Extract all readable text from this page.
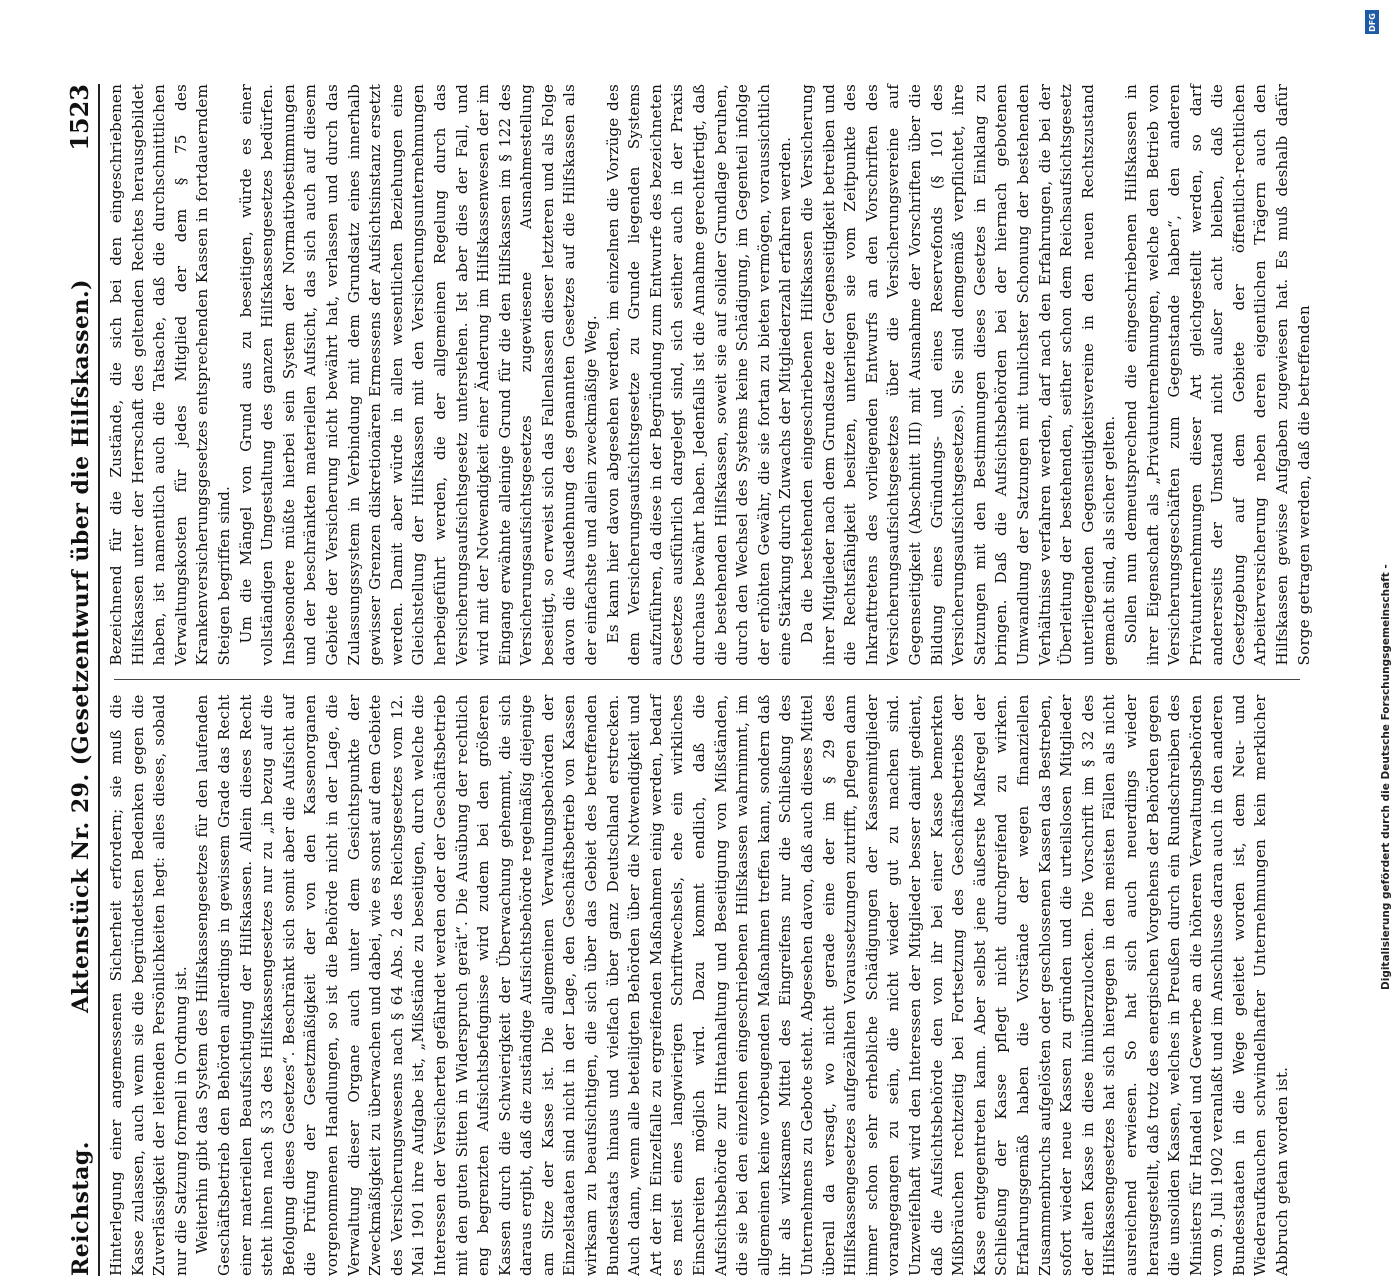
Reichstag.
Aktenstück Nr. 29. (Gesetzentwurf über die Hilfskassen.)
1523

Hinterlegung einer angemessenen Sicherheit erfordern; sie muß die Kasse zulassen, auch wenn sie die begründetsten Bedenken gegen die Zuverlässigkeit der leitenden Persönlichkeiten hegt: alles dieses, sobald nur die Satzung formell in Ordnung ist. Weiterhin gibt das System des Hilfskassengesetzes für den laufenden Geschäftsbetrieb den Behörden allerdings in gewissem Grade das Recht einer materiellen Beaufsichtigung der Hilfskassen. Allein dieses Recht steht ihnen nach § 33 des Hilfskassengesetzes nur zu „in bezug auf die Befolgung dieses Gesetzes“. Beschränkt sich somit aber die Aufsicht auf die Prüfung der Gesetzmäßigkeit der von den Kassenorganen vorgenommenen Handlungen, so ist die Behörde nicht in der Lage, die Verwaltung dieser Organe auch unter dem Gesichtspunkte der Zweckmäßigkeit zu überwachen und dabei, wie es sonst auf dem Gebiete des Versicherungswesens nach § 64 Abs. 2 des Reichsgesetzes vom 12. Mai 1901 ihre Aufgabe ist, „Mißstände zu beseitigen, durch welche die Interessen der Versicherten gefährdet werden oder der Geschäftsbetrieb mit den guten Sitten in Widerspruch gerät“. Die Ausübung der rechtlich eng begrenzten Aufsichtsbefugnisse wird zudem bei den größeren Kassen durch die Schwierigkeit der Überwachung gehemmt, die sich daraus ergibt, daß die zuständige Aufsichtsbehörde regelmäßig diejenige am Sitze der Kasse ist. Die allgemeinen Verwaltungsbehörden der Einzelstaaten sind nicht in der Lage, den Geschäftsbetrieb von Kassen wirksam zu beaufsichtigen, die sich über das Gebiet des betreffenden Bundesstaats hinaus und vielfach über ganz Deutschland erstrecken. Auch dann, wenn alle beteiligten Behörden über die Notwendigkeit und Art der im Einzelfalle zu ergreifenden Maßnahmen einig werden, bedarf es meist eines langwierigen Schriftwechsels, ehe ein wirkliches Einschreiten möglich wird. Dazu kommt endlich, daß die Aufsichtsbehörde zur Hintanhaltung und Beseitigung von Mißständen, die sie bei den einzelnen eingeschriebenen Hilfskassen wahrnimmt, im allgemeinen keine vorbeugenden Maßnahmen treffen kann, sondern daß ihr als wirksames Mittel des Eingreifens nur die Schließung des Unternehmens zu Gebote steht. Abgesehen davon, daß auch dieses Mittel überall da versagt, wo nicht gerade eine der im § 29 des Hilfskassengesetzes aufgezählten Voraussetzungen zutrifft, pflegen dann immer schon sehr erhebliche Schädigungen der Kassenmitglieder vorangegangen zu sein, die nicht wieder gut zu machen sind. Unzweifelhaft wird den Interessen der Mitglieder besser damit gedient, daß die Aufsichtsbehörde den von ihr bei einer Kasse bemerkten Mißbräuchen rechtzeitig bei Fortsetzung des Geschäftsbetriebs der Kasse entgegentreten kann. Aber selbst jene äußerste Maßregel der Schließung der Kasse pflegt nicht durchgreifend zu wirken. Erfahrungsgemäß haben die Vorstände der wegen finanziellen Zusammenbruchs aufgelösten oder geschlossenen Kassen das Bestreben, sofort wieder neue Kassen zu gründen und die urteilslosen Mitglieder der alten Kasse in diese hinüberzulocken. Die Vorschrift im § 32 des Hilfskassengesetzes hat sich hiergegen in den meisten Fällen als nicht ausreichend erwiesen. So hat sich auch neuerdings wieder herausgestellt, daß trotz des energischen Vorgehens der Behörden gegen die unsoliden Kassen, welches in Preußen durch ein Rundschreiben des Ministers für Handel und Gewerbe an die höheren Verwaltungsbehörden vom 9. Juli 1902 veranlaßt und im Anschlusse daran auch in den anderen Bundesstaaten in die Wege geleitet worden ist, dem Neu- und Wiederaufkauchen schwindelhafter Unternehmungen kein merklicher Abbruch getan worden ist.

Bezeichnend für die Zustände, die sich bei den eingeschriebenen Hilfskassen unter der Herrschaft des geltenden Rechtes herausgebildet haben, ist namentlich auch die Tatsache, daß die durchschnittlichen Verwaltungskosten für jedes Mitglied der dem § 75 des Krankenversicherungsgesetzes entsprechenden Kassen in fortdauerndem Steigen begriffen sind. Um die Mängel von Grund aus zu beseitigen, würde es einer vollständigen Umgestaltung des ganzen Hilfskassengesetzes bedürfen. Insbesondere müßte hierbei sein System der Normativbestimmungen und der beschränkten materiellen Aufsicht, das sich auch auf diesem Gebiete der Versicherung nicht bewährt hat, verlassen und durch das Zulassungssystem in Verbindung mit dem Grundsatz eines innerhalb gewisser Grenzen diskretionären Ermessens der Aufsichtsinstanz ersetzt werden. Damit aber würde in allen wesentlichen Beziehungen eine Gleichstellung der Hilfskassen mit den Versicherungsunternehmungen herbeigeführt werden, die der allgemeinen Regelung durch das Versicherungsaufsichtsgesetz unterstehen. Ist aber dies der Fall, und wird mit der Notwendigkeit einer Änderung im Hilfskassenwesen der im Eingang erwähnte alleinige Grund für die den Hilfskassen im § 122 des Versicherungsaufsichtsgesetzes zugewiesene Ausnahmestellung beseitigt, so erweist sich das Fallenlassen dieser letzteren und als Folge davon die Ausdehnung des genannten Gesetzes auf die Hilfskassen als der einfachste und allein zweckmäßige Weg. Es kann hier davon abgesehen werden, im einzelnen die Vorzüge des dem Versicherungsaufsichtsgesetze zu Grunde liegenden Systems aufzuführen, da diese in der Begründung zum Entwurfe des bezeichneten Gesetzes ausführlich dargelegt sind, sich seither auch in der Praxis durchaus bewährt haben. Jedenfalls ist die Annahme gerechtfertigt, daß die bestehenden Hilfskassen, soweit sie auf solider Grundlage beruhen, durch den Wechsel des Systems keine Schädigung, im Gegenteil infolge der erhöhten Gewähr, die sie fortan zu bieten vermögen, voraussichtlich eine Stärkung durch Zuwachs der Mitgliederzahl erfahren werden. Da die bestehenden eingeschriebenen Hilfskassen die Versicherung ihrer Mitglieder nach dem Grundsatze der Gegenseitigkeit betreiben und die Rechtsfähigkeit besitzen, unterliegen sie vom Zeitpunkte des Inkrafttretens des vorliegenden Entwurfs an den Vorschriften des Versicherungsaufsichtsgesetzes über die Versicherungsvereine auf Gegenseitigkeit (Abschnitt III) mit Ausnahme der Vorschriften über die Bildung eines Gründungs- und eines Reservefonds (§ 101 des Versicherungsaufsichtsgesetzes). Sie sind demgemäß verpflichtet, ihre Satzungen mit den Bestimmungen dieses Gesetzes in Einklang zu bringen. Daß die Aufsichtsbehörden bei der hiernach gebotenen Umwandlung der Satzungen mit tunlichster Schonung der bestehenden Verhältnisse verfahren werden, darf nach den Erfahrungen, die bei der Überleitung der bestehenden, seither schon dem Reichsaufsichtsgesetz unterliegenden Gegenseitigkeitsvereine in den neuen Rechtszustand gemacht sind, als sicher gelten. Sollen nun demeutsprechend die eingeschriebenen Hilfskassen in ihrer Eigenschaft als „Privatunternehmungen, welche den Betrieb von Versicherungsgeschäften zum Gegenstande haben“, den anderen Privatunternehmungen dieser Art gleichgestellt werden, so darf andererseits der Umstand nicht außer acht bleiben, daß die Gesetzgebung auf dem Gebiete der öffentlich-rechtlichen Arbeiterversicherung neben deren eigentlichen Trägern auch den Hilfskassen gewisse Aufgaben zugewiesen hat. Es muß deshalb dafür Sorge getragen werden, daß die betreffenden

Digitalisierung gefördert durch die Deutsche Forschungsgemeinschaft -
DFG
